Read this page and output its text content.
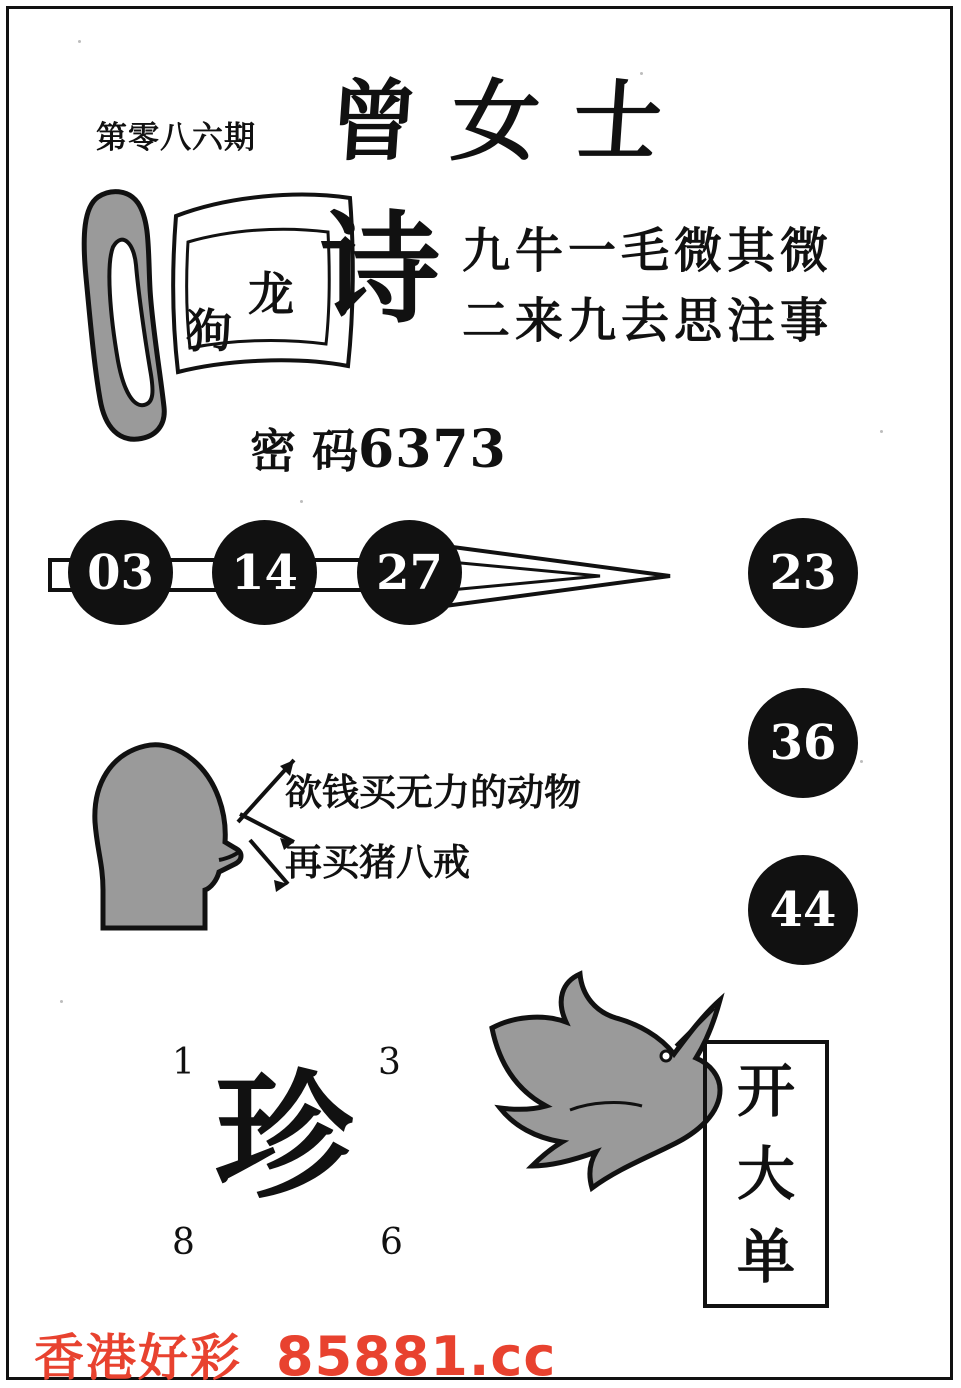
第零八六期 曾女士
龙
狗 诗 九牛一毛微其微
二来九去思注事
密 码6373
03	14	27	23
36
44
欲钱买无力的动物
再买猪八戒
1	3
8	6
珍	开
大
单
香港好彩 85881.cc
